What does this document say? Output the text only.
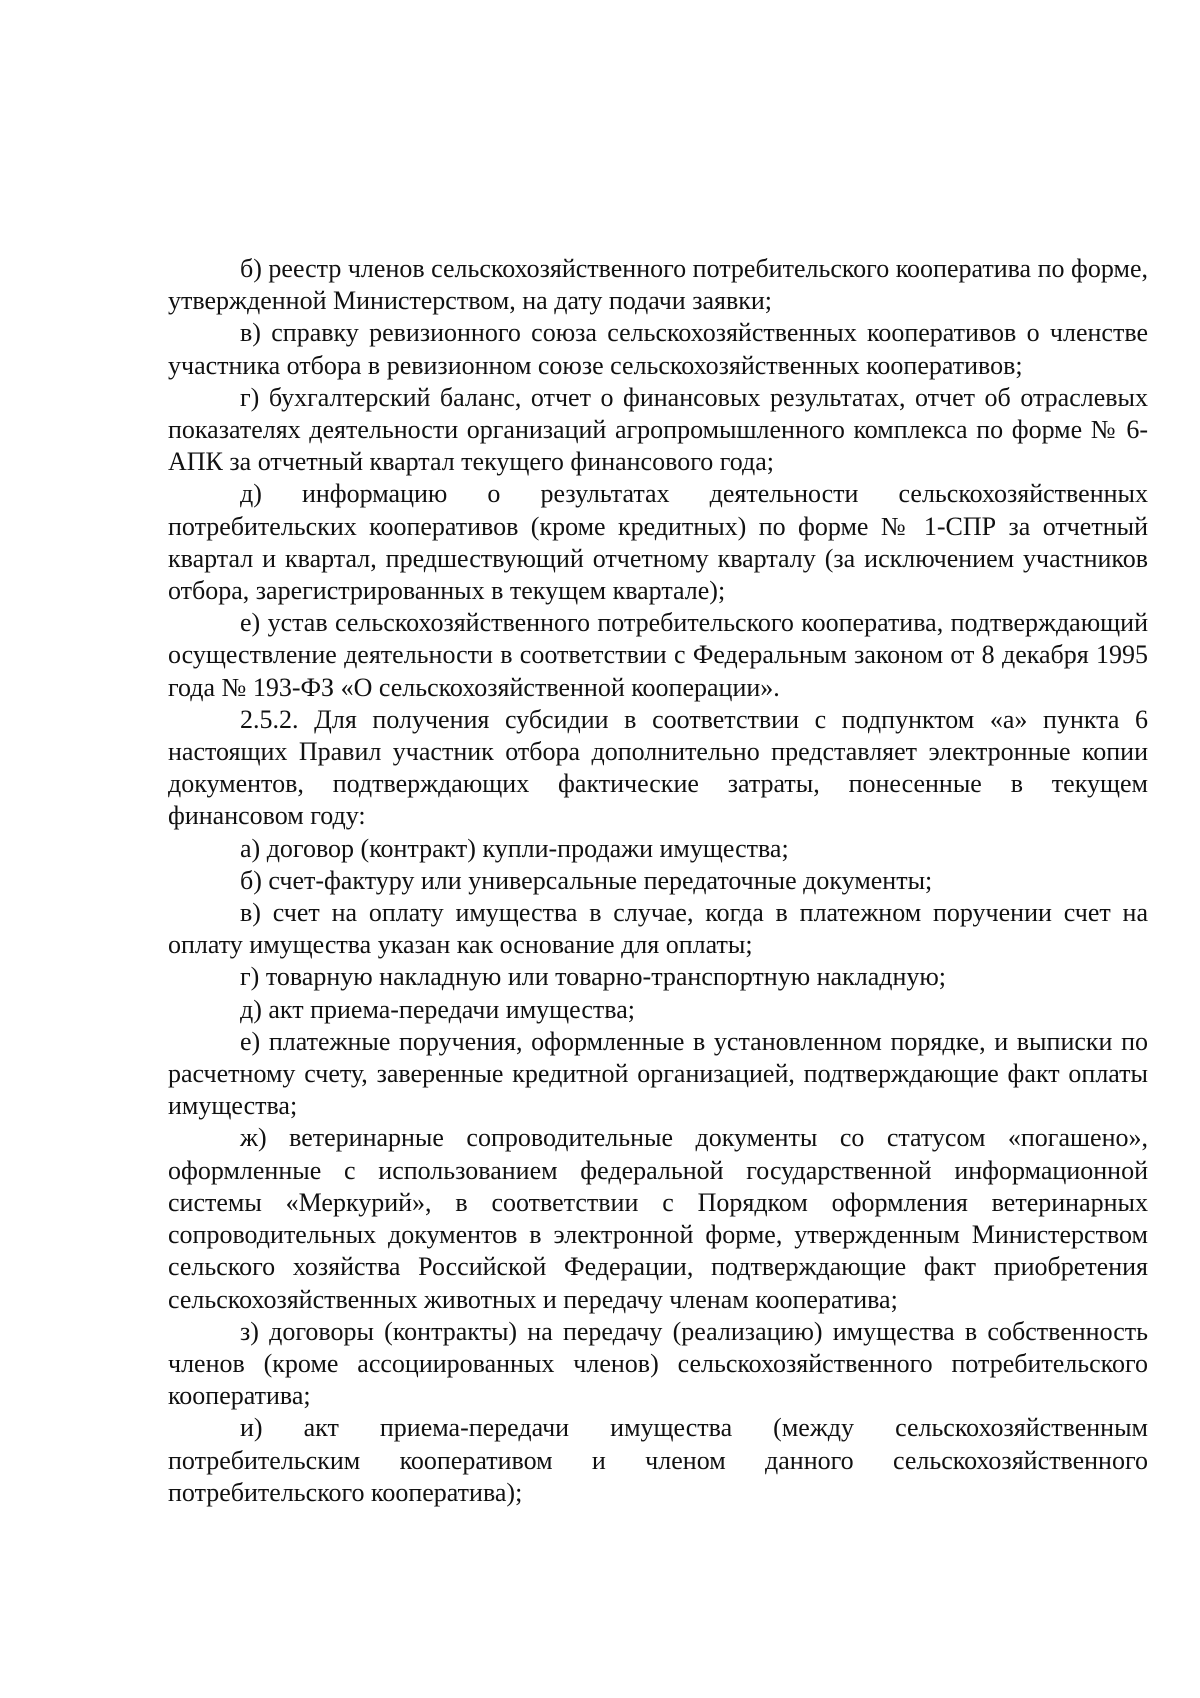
б) реестр членов сельскохозяйственного потребительского кооператива по форме, утвержденной Министерством, на дату подачи заявки;

в) справку ревизионного союза сельскохозяйственных кооперативов о членстве участника отбора в ревизионном союзе сельскохозяйственных кооперативов;

г) бухгалтерский баланс, отчет о финансовых результатах, отчет об отраслевых показателях деятельности организаций агропромышленного комплекса по форме № 6-АПК за отчетный квартал текущего финансового года;

д) информацию о результатах деятельности сельскохозяйственных потребительских кооперативов (кроме кредитных) по форме № 1-СПР за отчетный квартал и квартал, предшествующий отчетному кварталу (за исключением участников отбора, зарегистрированных в текущем квартале);

е) устав сельскохозяйственного потребительского кооператива, подтверждающий осуществление деятельности в соответствии с Федеральным законом от 8 декабря 1995 года № 193-ФЗ «О сельскохозяйственной кооперации».

2.5.2. Для получения субсидии в соответствии с подпунктом «а» пункта 6 настоящих Правил участник отбора дополнительно представляет электронные копии документов, подтверждающих фактические затраты, понесенные в текущем финансовом году:

а) договор (контракт) купли-продажи имущества;

б) счет-фактуру или универсальные передаточные документы;

в) счет на оплату имущества в случае, когда в платежном поручении счет на оплату имущества указан как основание для оплаты;

г) товарную накладную или товарно-транспортную накладную;

д) акт приема-передачи имущества;

е) платежные поручения, оформленные в установленном порядке, и выписки по расчетному счету, заверенные кредитной организацией, подтверждающие факт оплаты имущества;

ж) ветеринарные сопроводительные документы со статусом «погашено», оформленные с использованием федеральной государственной информационной системы «Меркурий», в соответствии с Порядком оформления ветеринарных сопроводительных документов в электронной форме, утвержденным Министерством сельского хозяйства Российской Федерации, подтверждающие факт приобретения сельскохозяйственных животных и передачу членам кооператива;

з) договоры (контракты) на передачу (реализацию) имущества в собственность членов (кроме ассоциированных членов) сельскохозяйственного потребительского кооператива;

и) акт приема-передачи имущества (между сельскохозяйственным потребительским кооперативом и членом данного сельскохозяйственного потребительского кооператива);
